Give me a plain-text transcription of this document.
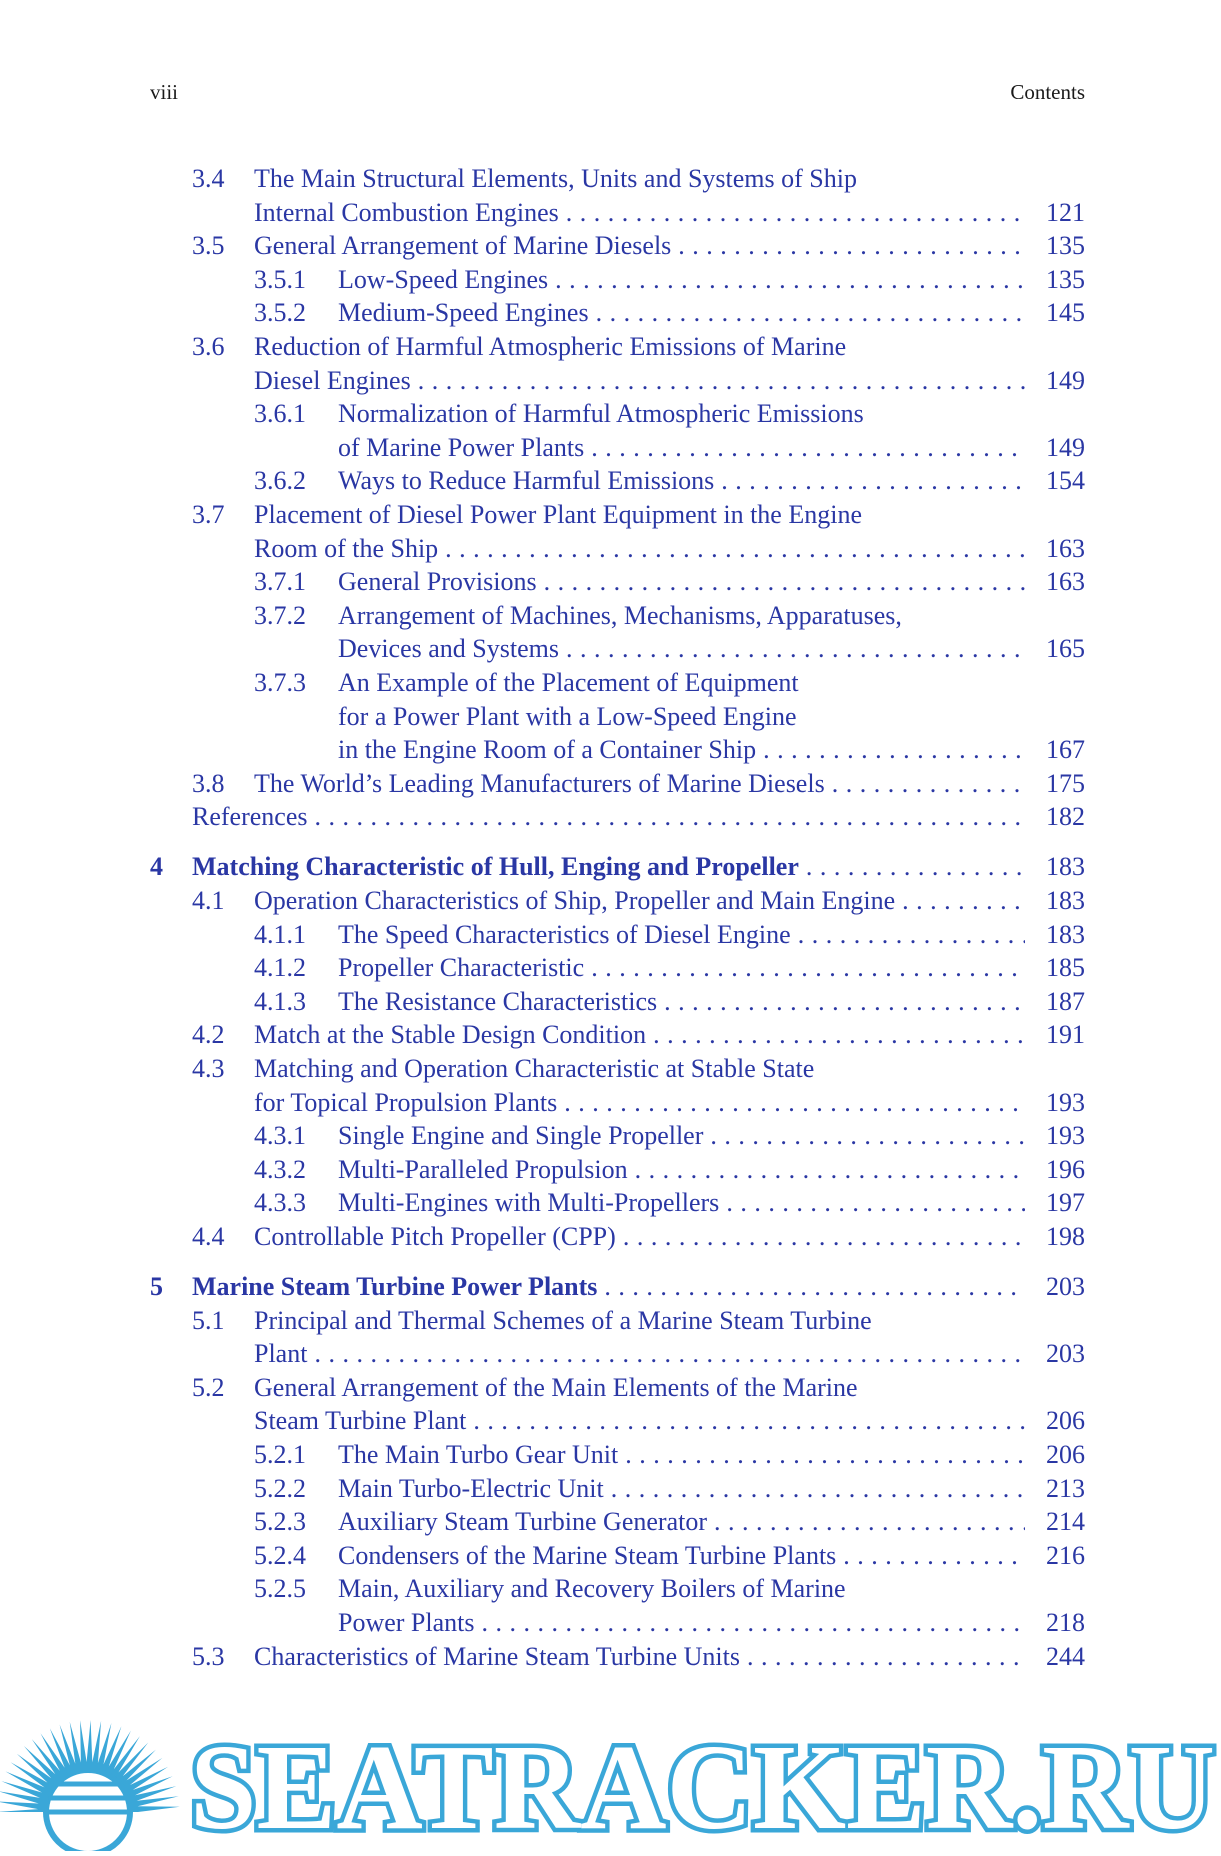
viii	Contents
3.4 The Main Structural Elements, Units and Systems of Ship
Internal Combustion Engines . . .	121
3.5 General Arrangement of Marine Diesels . . .	135
3.5.1 Low-Speed Engines . . .	135
3.5.2 Medium-Speed Engines . . .	145
3.6 Reduction of Harmful Atmospheric Emissions of Marine
Diesel Engines . . .	149
3.6.1 Normalization of Harmful Atmospheric Emissions
of Marine Power Plants . . .	149
3.6.2 Ways to Reduce Harmful Emissions . . .	154
3.7 Placement of Diesel Power Plant Equipment in the Engine
Room of the Ship . . .	163
3.7.1 General Provisions . . .	163
3.7.2 Arrangement of Machines, Mechanisms, Apparatuses,
Devices and Systems . . .	165
3.7.3 An Example of the Placement of Equipment
for a Power Plant with a Low-Speed Engine
in the Engine Room of a Container Ship . . .	167
3.8 The World’s Leading Manufacturers of Marine Diesels . . .	175
References . . .	182
4 Matching Characteristic of Hull, Enging and Propeller . . .	183
4.1 Operation Characteristics of Ship, Propeller and Main Engine . . .	183
4.1.1 The Speed Characteristics of Diesel Engine . . .	183
4.1.2 Propeller Characteristic . . .	185
4.1.3 The Resistance Characteristics . . .	187
4.2 Match at the Stable Design Condition . . .	191
4.3 Matching and Operation Characteristic at Stable State
for Topical Propulsion Plants . . .	193
4.3.1 Single Engine and Single Propeller . . .	193
4.3.2 Multi-Paralleled Propulsion . . .	196
4.3.3 Multi-Engines with Multi-Propellers . . .	197
4.4 Controllable Pitch Propeller (CPP) . . .	198
5 Marine Steam Turbine Power Plants . . .	203
5.1 Principal and Thermal Schemes of a Marine Steam Turbine
Plant . . .	203
5.2 General Arrangement of the Main Elements of the Marine
Steam Turbine Plant . . .	206
5.2.1 The Main Turbo Gear Unit . . .	206
5.2.2 Main Turbo-Electric Unit . . .	213
5.2.3 Auxiliary Steam Turbine Generator . . .	214
5.2.4 Condensers of the Marine Steam Turbine Plants . . .	216
5.2.5 Main, Auxiliary and Recovery Boilers of Marine
Power Plants . . .	218
5.3 Characteristics of Marine Steam Turbine Units . . .	244
SEATRACKER.RU
